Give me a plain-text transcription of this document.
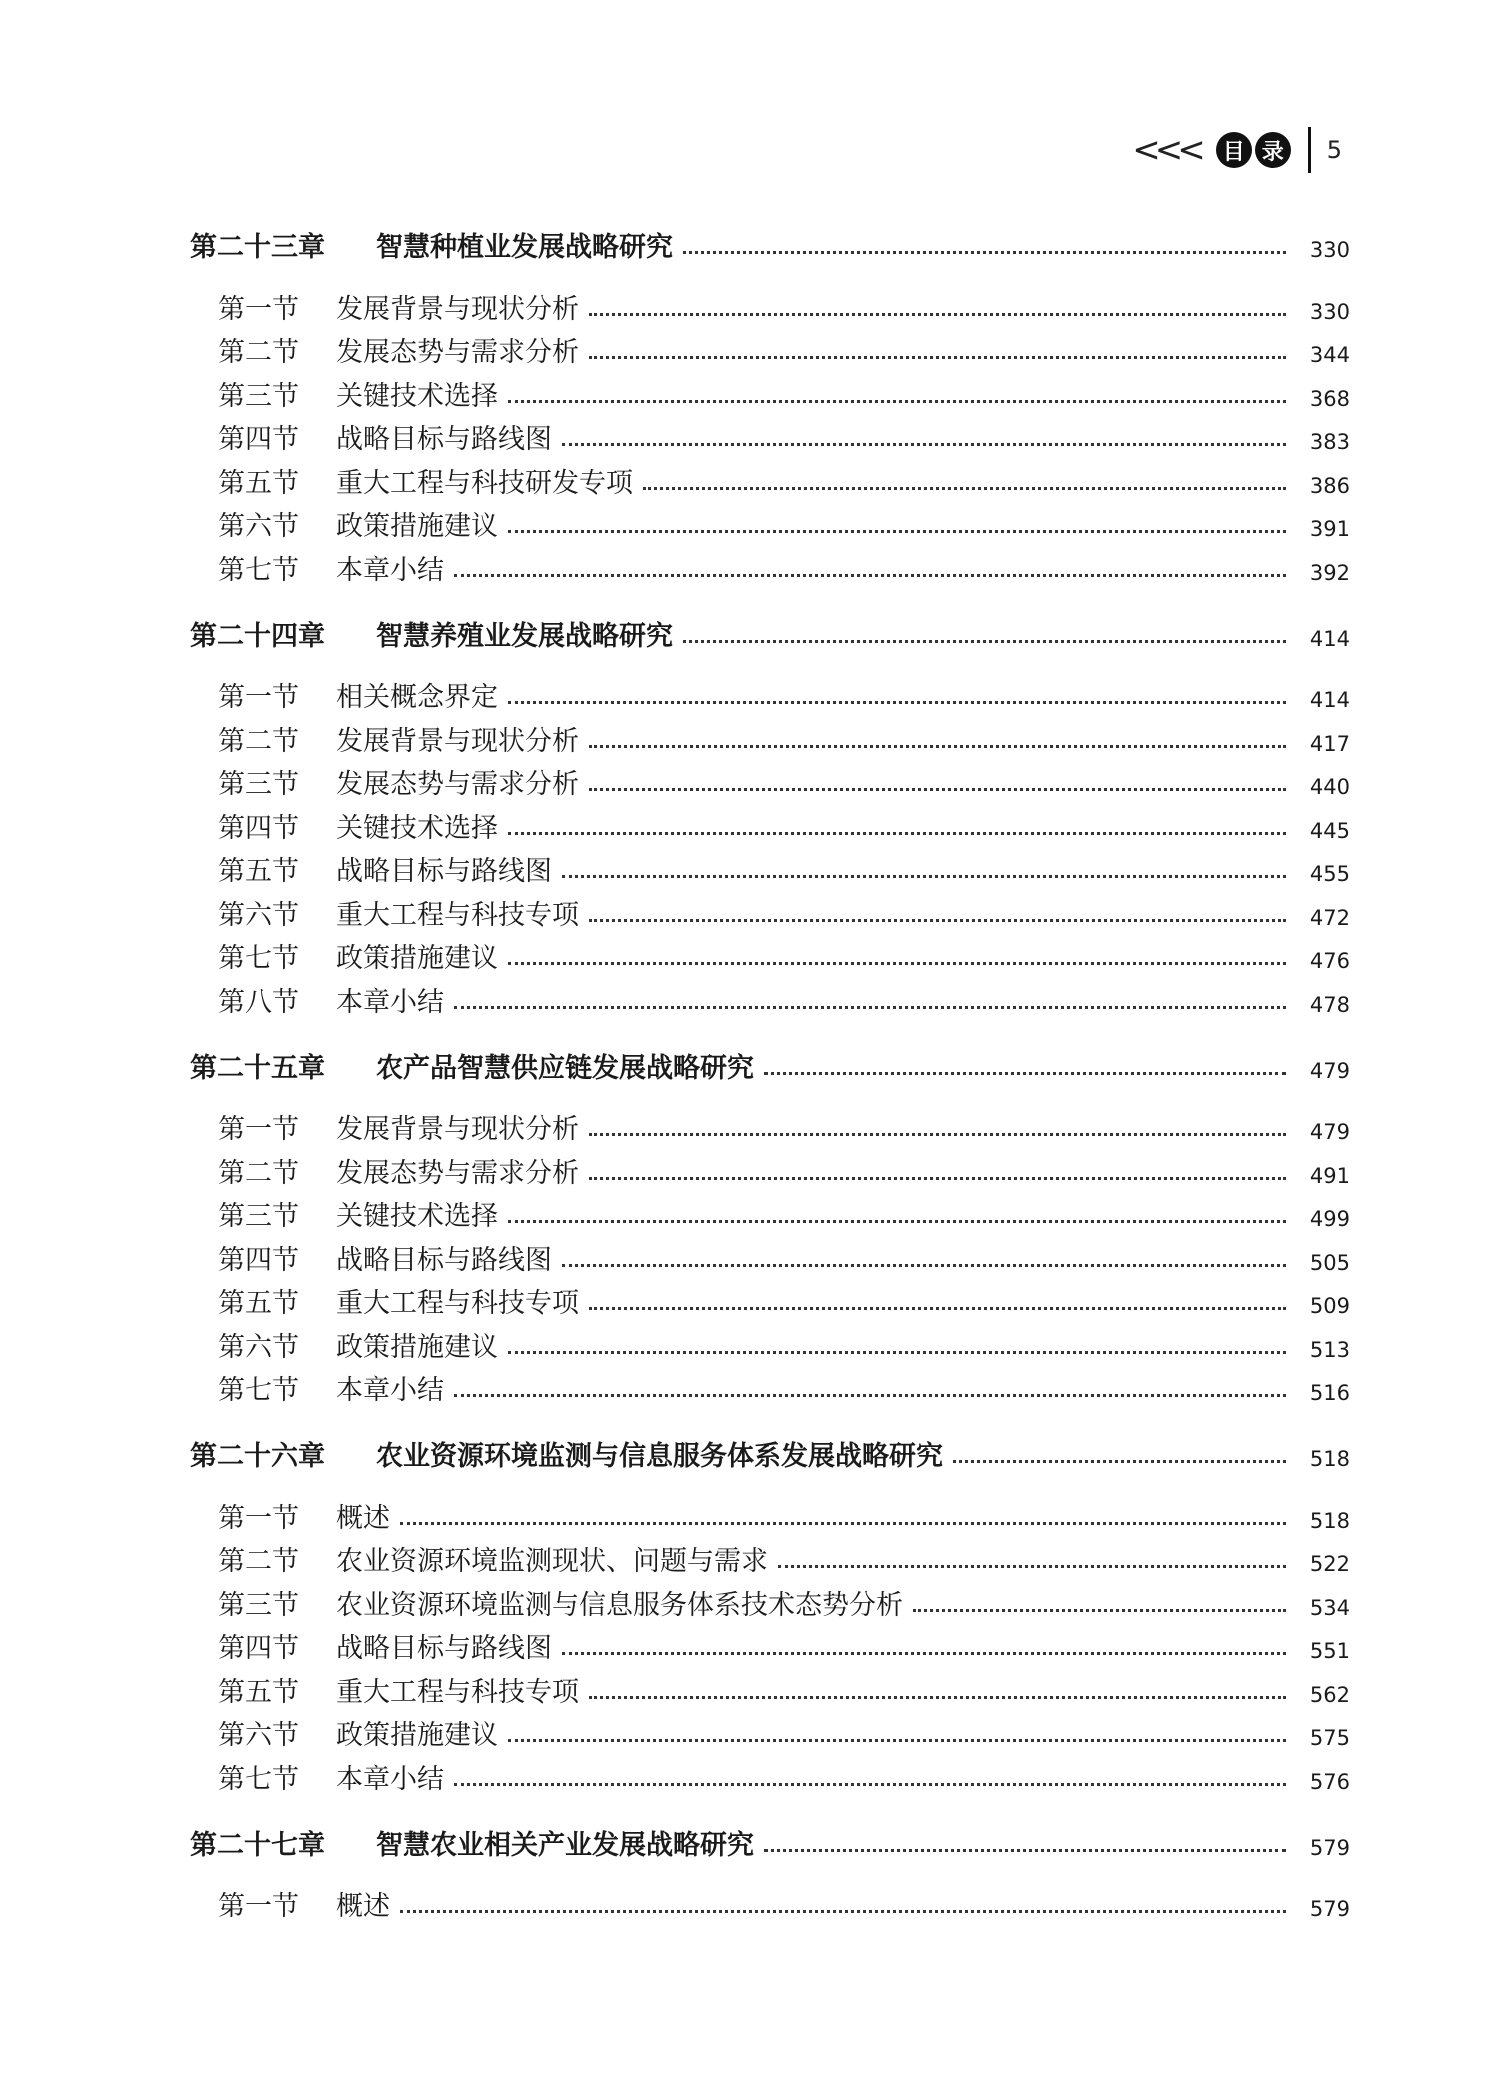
<<<	目 录 5
第二十三章	智慧种植业发展战略研究	330
第一节	发展背景与现状分析	330
第二节	发展态势与需求分析	344
第三节	关键技术选择	368
第四节	战略目标与路线图	383
第五节	重大工程与科技研发专项	386
第六节	政策措施建议	391
第七节	本章小结	392
第二十四章	智慧养殖业发展战略研究	414
第一节	相关概念界定	414
第二节	发展背景与现状分析	417
第三节	发展态势与需求分析	440
第四节	关键技术选择	445
第五节	战略目标与路线图	455
第六节	重大工程与科技专项	472
第七节	政策措施建议	476
第八节	本章小结	478
第二十五章	农产品智慧供应链发展战略研究	479
第一节	发展背景与现状分析	479
第二节	发展态势与需求分析	491
第三节	关键技术选择	499
第四节	战略目标与路线图	505
第五节	重大工程与科技专项	509
第六节	政策措施建议	513
第七节	本章小结	516
第二十六章	农业资源环境监测与信息服务体系发展战略研究	518
第一节	概述	518
第二节	农业资源环境监测现状、问题与需求	522
第三节	农业资源环境监测与信息服务体系技术态势分析	534
第四节	战略目标与路线图	551
第五节	重大工程与科技专项	562
第六节	政策措施建议	575
第七节	本章小结	576
第二十七章	智慧农业相关产业发展战略研究	579
第一节	概述	579
